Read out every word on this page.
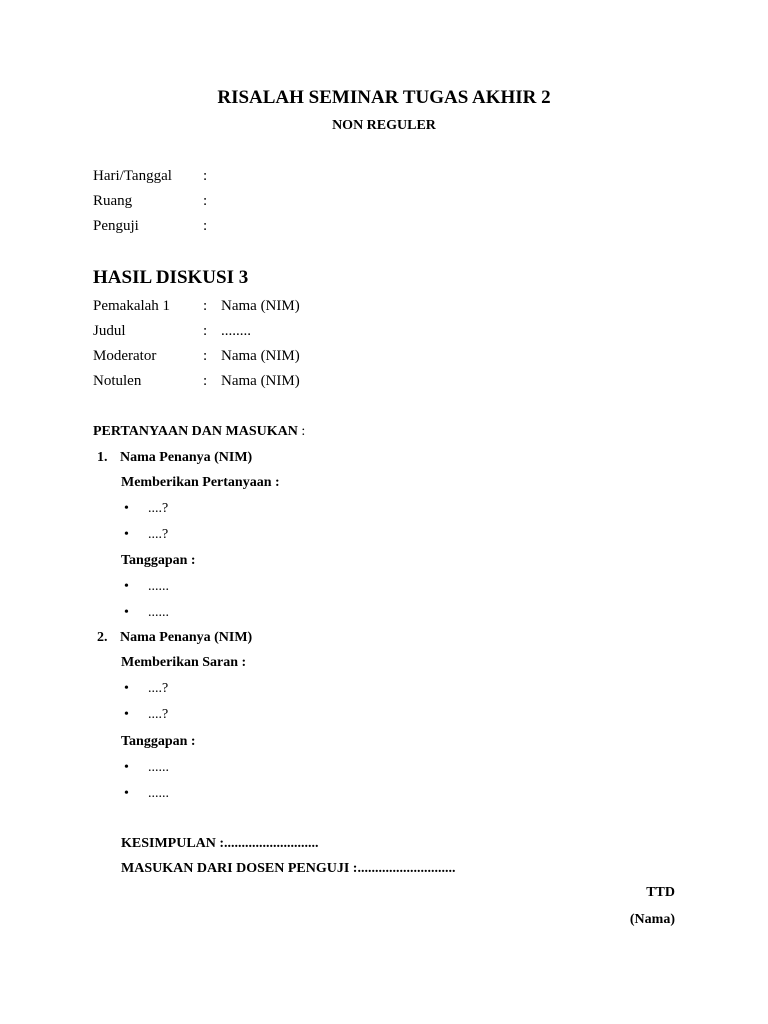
RISALAH SEMINAR TUGAS AKHIR 2
NON REGULER
Hari/Tanggal :
Ruang	:
Penguji	:
HASIL DISKUSI 3
Pemakalah 1 : Nama (NIM)
Judul	: ........
Moderator	: Nama (NIM)
Notulen	: Nama (NIM)
PERTANYAAN DAN MASUKAN :
1. Nama Penanya (NIM)
Memberikan Pertanyaan :
• ....?
• ....?
Tanggapan :
• ......
• ......
2. Nama Penanya (NIM)
Memberikan Saran :
• ....?
• ....?
Tanggapan :
• ......
• ......
KESIMPULAN :...........................
MASUKAN DARI DOSEN PENGUJI :............................
TTD
(Nama)
